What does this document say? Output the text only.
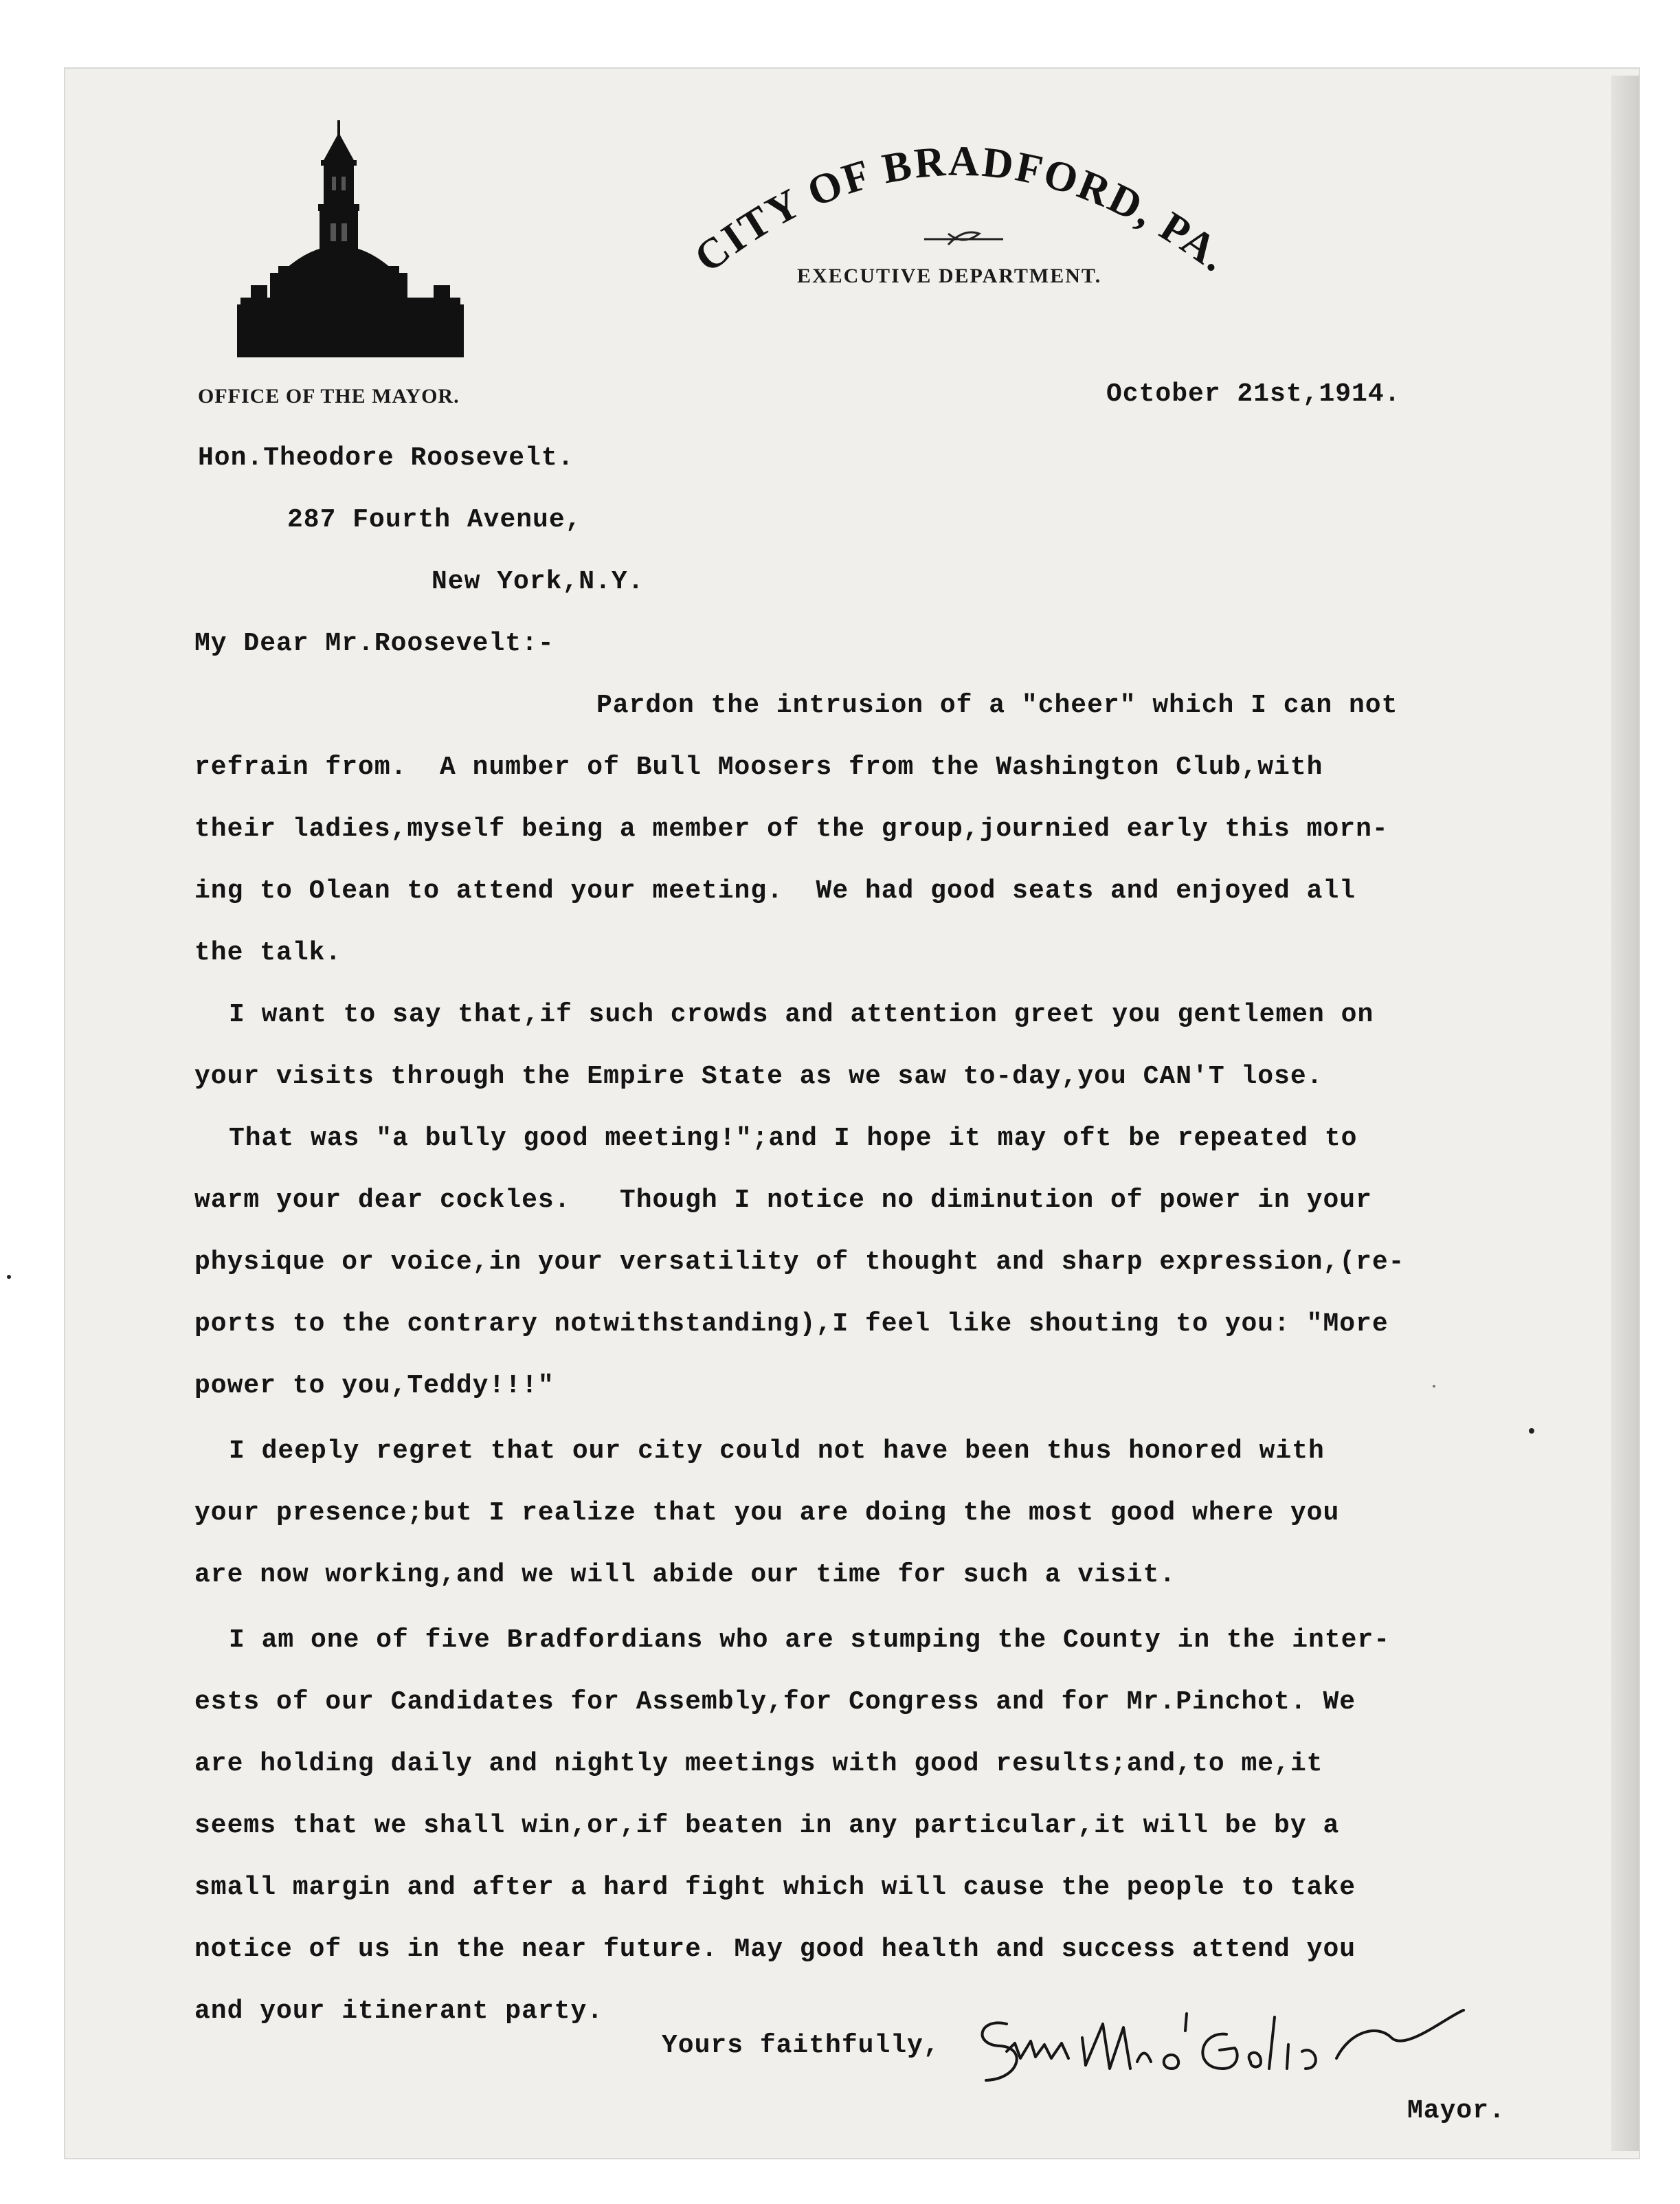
CITY OF BRADFORD, PA.
EXECUTIVE DEPARTMENT.
OFFICE OF THE MAYOR.	October 21st,1914.
Hon.Theodore Roosevelt.
287 Fourth Avenue,
New York,N.Y.
My Dear Mr.Roosevelt:-
Pardon the intrusion of a "cheer" which I can not
refrain from.  A number of Bull Moosers from the Washington Club,with
their ladies,myself being a member of the group,journied early this morn-
ing to Olean to attend your meeting.  We had good seats and enjoyed all
the talk.
I want to say that,if such crowds and attention greet you gentlemen on
your visits through the Empire State as we saw to-day,you CAN'T lose.
That was "a bully good meeting!";and I hope it may oft be repeated to
warm your dear cockles.   Though I notice no diminution of power in your
physique or voice,in your versatility of thought and sharp expression,(re-
ports to the contrary notwithstanding),I feel like shouting to you: "More
power to you,Teddy!!!"
I deeply regret that our city could not have been thus honored with
your presence;but I realize that you are doing the most good where you
are now working,and we will abide our time for such a visit.
I am one of five Bradfordians who are stumping the County in the inter-
ests of our Candidates for Assembly,for Congress and for Mr.Pinchot. We
are holding daily and nightly meetings with good results;and,to me,it
seems that we shall win,or,if beaten in any particular,it will be by a
small margin and after a hard fight which will cause the people to take
notice of us in the near future. May good health and success attend you
and your itinerant party.
Yours faithfully,
Mayor.
